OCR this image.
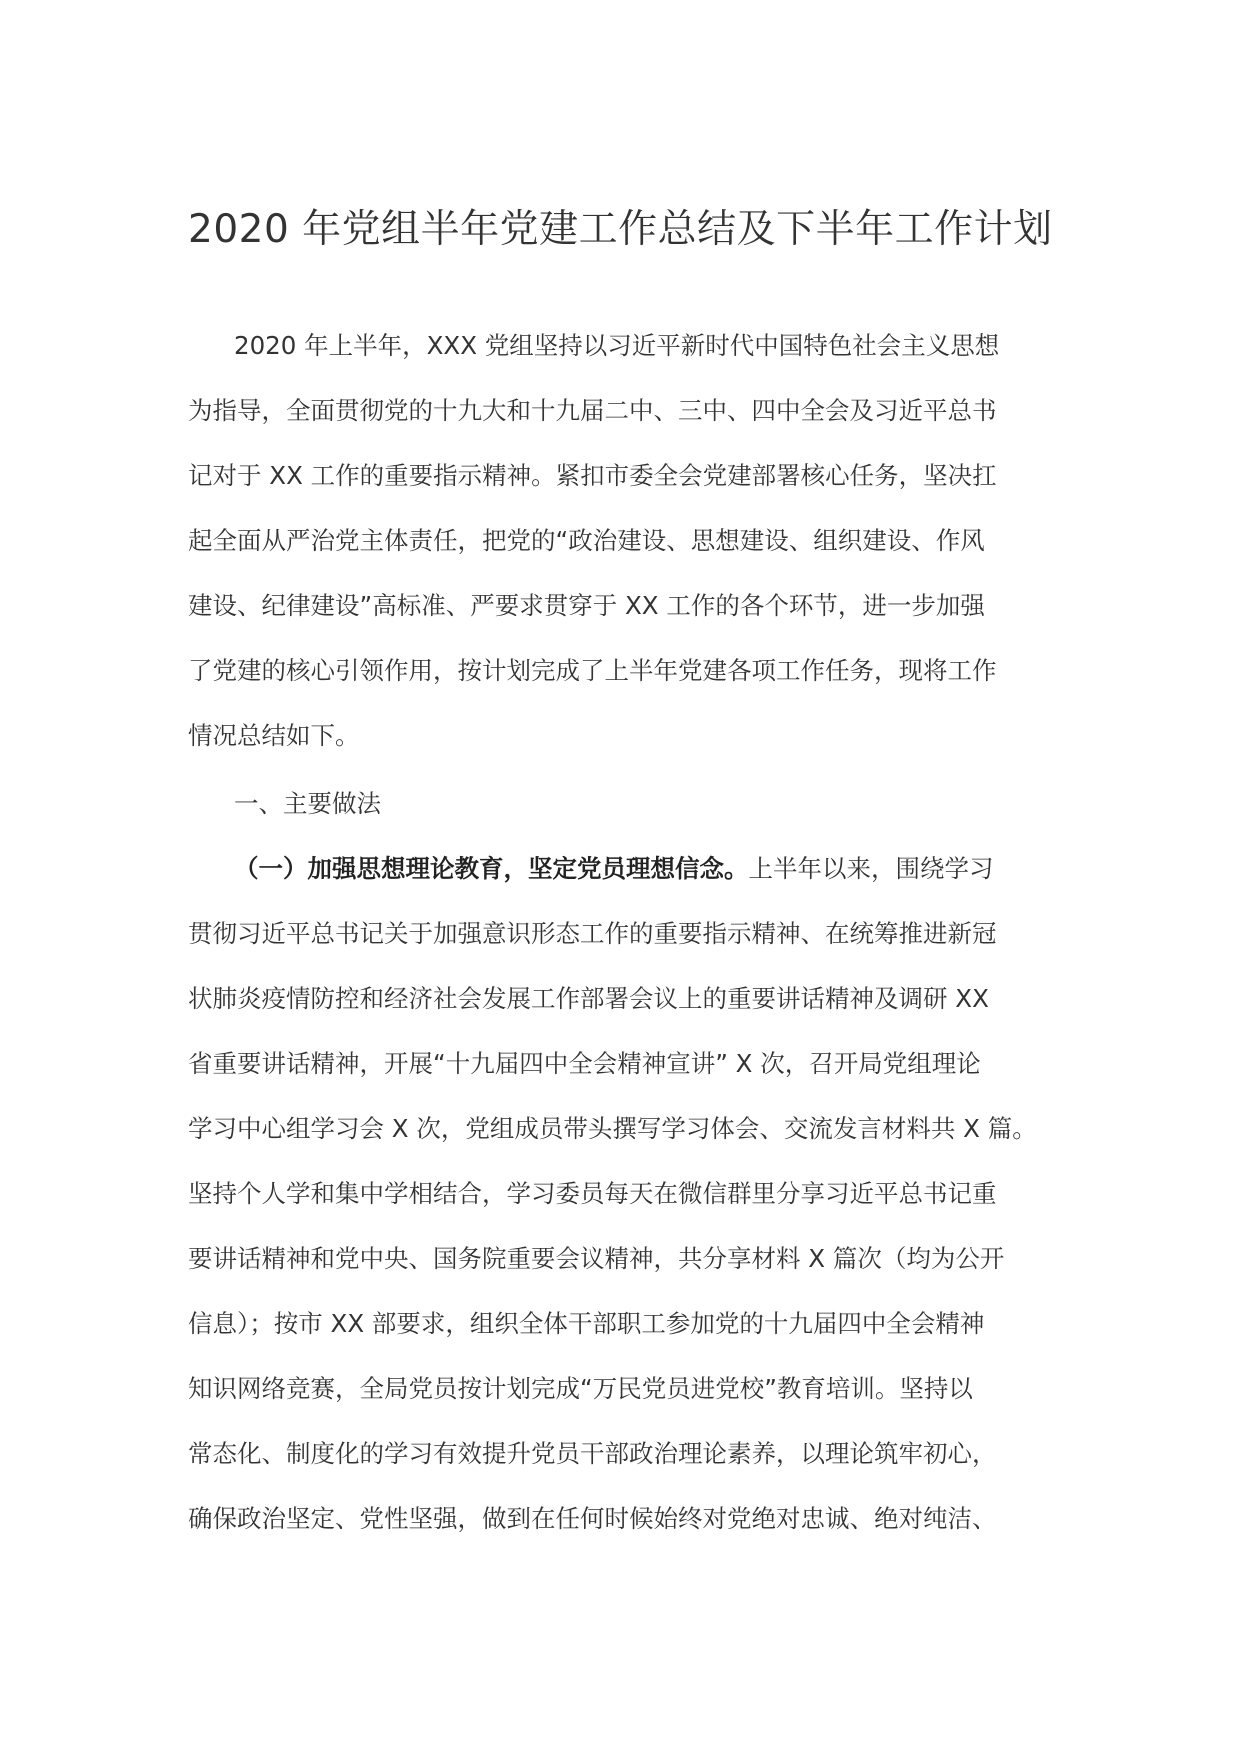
2020 年党组半年党建工作总结及下半年工作计划
2020 年上半年，XXX 党组坚持以习近平新时代中国特色社会主义思想
为指导，全面贯彻党的十九大和十九届二中、三中、四中全会及习近平总书
记对于 XX 工作的重要指示精神。紧扣市委全会党建部署核心任务，坚决扛
起全面从严治党主体责任，把党的“政治建设、思想建设、组织建设、作风
建设、纪律建设”高标准、严要求贯穿于 XX 工作的各个环节，进一步加强
了党建的核心引领作用，按计划完成了上半年党建各项工作任务，现将工作
情况总结如下。
一、主要做法
（一）加强思想理论教育，坚定党员理想信念。上半年以来，围绕学习
贯彻习近平总书记关于加强意识形态工作的重要指示精神、在统筹推进新冠
状肺炎疫情防控和经济社会发展工作部署会议上的重要讲话精神及调研 XX
省重要讲话精神，开展“十九届四中全会精神宣讲” X 次，召开局党组理论
学习中心组学习会 X 次，党组成员带头撰写学习体会、交流发言材料共 X 篇。
坚持个人学和集中学相结合，学习委员每天在微信群里分享习近平总书记重
要讲话精神和党中央、国务院重要会议精神，共分享材料 X 篇次（均为公开
信息）；按市 XX 部要求，组织全体干部职工参加党的十九届四中全会精神
知识网络竞赛，全局党员按计划完成“万民党员进党校”教育培训。坚持以
常态化、制度化的学习有效提升党员干部政治理论素养，以理论筑牢初心，
确保政治坚定、党性坚强，做到在任何时候始终对党绝对忠诚、绝对纯洁、
